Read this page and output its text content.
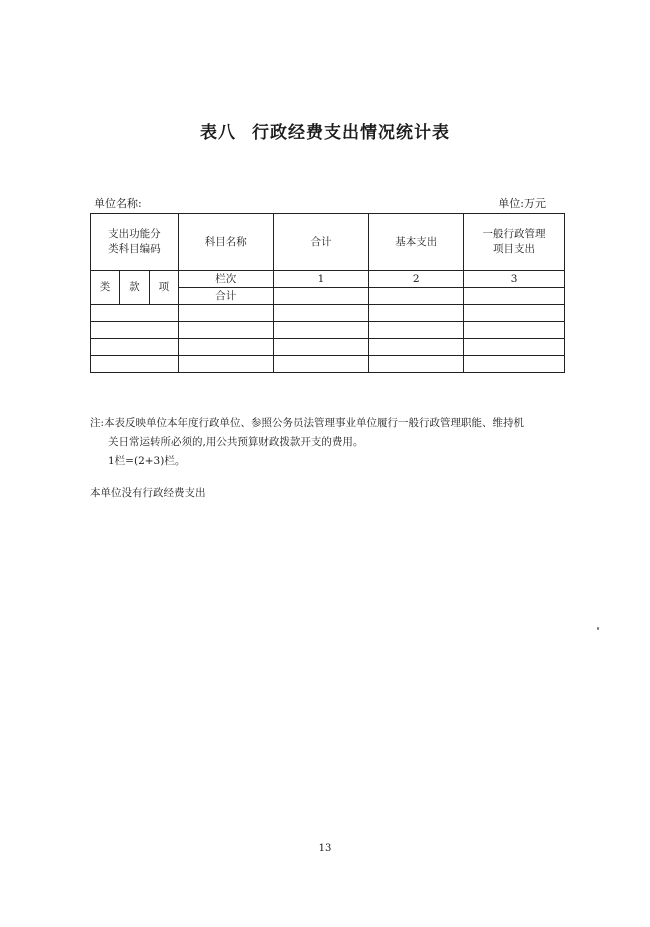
表八 行政经费支出情况统计表
单位名称:	单位:万元
支出功能分类科目编码			科目名称	合计	基本支出	一般行政管理项目支出
类	款	项	栏次	1	2	3
			合计			

注:本表反映单位本年度行政单位、参照公务员法管理事业单位履行一般行政管理职能、维持机
关日常运转所必须的,用公共预算财政拨款开支的费用。
1栏=(2+3)栏。
本单位没有行政经费支出
13
